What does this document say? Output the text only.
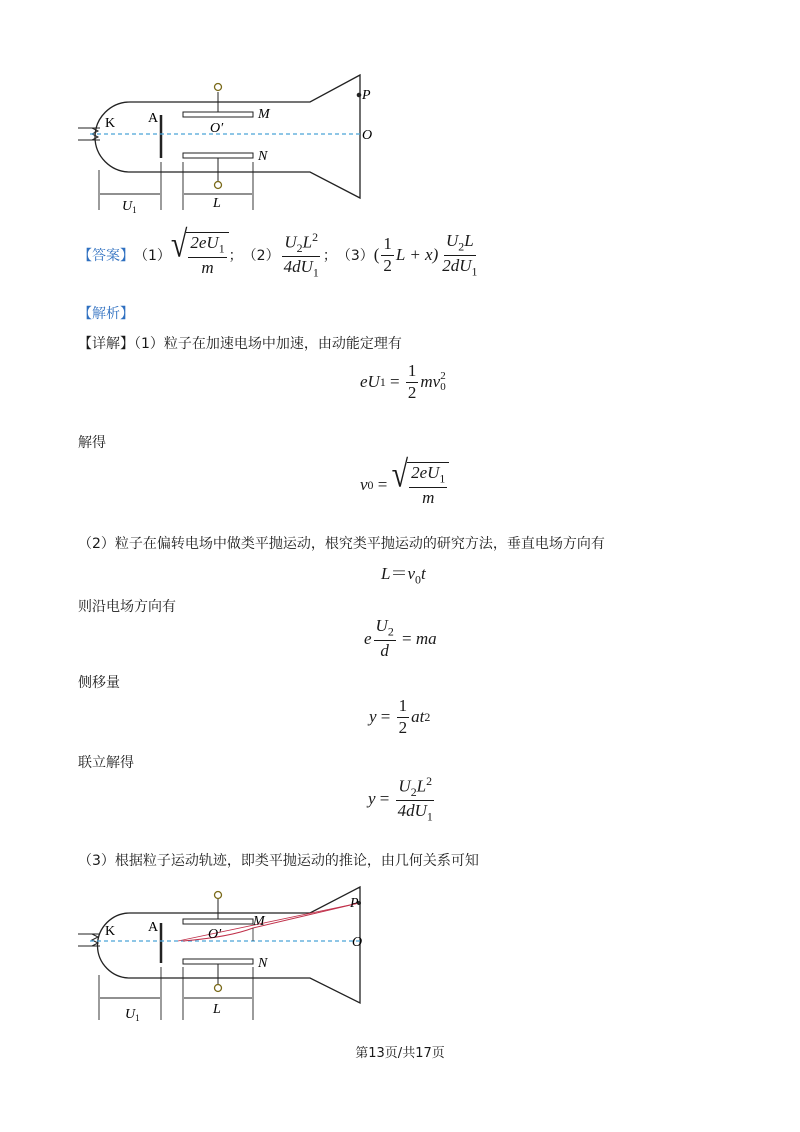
K A	M
N
O′	O
P
$U_1$	L
【答案】 （1） √ $\frac{2eU_1}{m}$ ； $(2) \frac{U_2L^2}{4dU_1}$ ； （3） ( $\frac{1}{2}$ $L + x) \frac{U_2L}{2dU_1}$
【解析】
【详解】（1）粒子在加速电场中加速，由动能定理有
eU $1 = \frac{1}{2}$ mv 2
0
解得
v 0 = √ $\frac{2eU_1}{m}$
（2）粒子在偏转电场中做类平抛运动，根究类平抛运动的研究方法，垂直电场方向有
$L=v_0t$
则沿电场方向有
e $\frac{U_2}{d}$ = ma
侧移量
$y = \frac{1}{2}$ at 2
联立解得
$y = \frac{U_2L^2}{4dU_1}$
（3）根据粒子运动轨迹，即类平抛运动的推论，由几何关系可知
K A	M
N
O′
O
P
$U_1$
L
第13页/共17页
